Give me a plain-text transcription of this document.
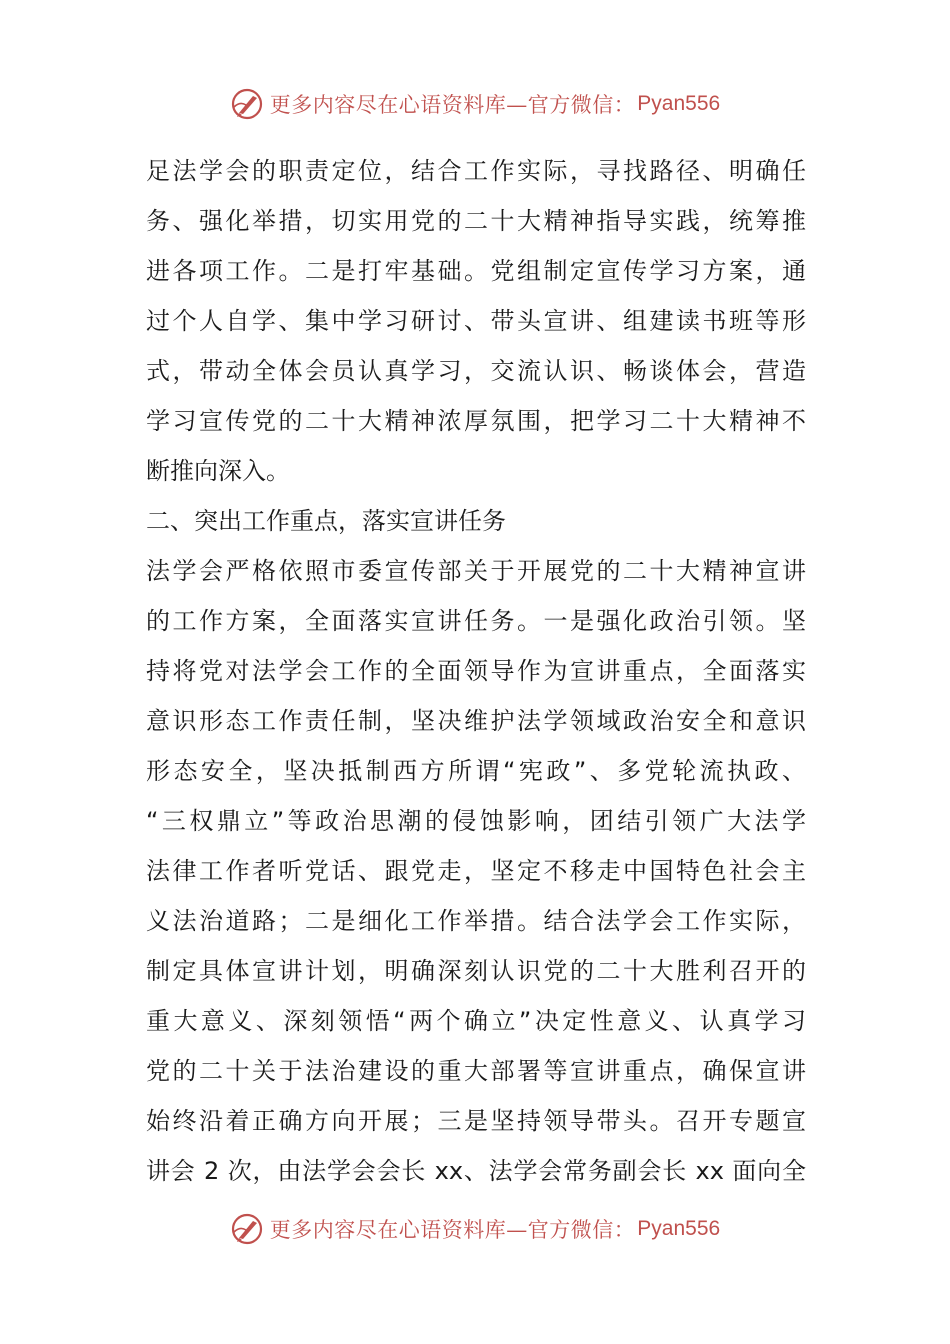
更多内容尽在心语资料库—官方微信： Pyan556
足法学会的职责定位，结合工作实际，寻找路径、明确任
务、强化举措，切实用党的二十大精神指导实践，统筹推
进各项工作。二是打牢基础。党组制定宣传学习方案，通
过个人自学、集中学习研讨、带头宣讲、组建读书班等形
式，带动全体会员认真学习，交流认识、畅谈体会，营造
学习宣传党的二十大精神浓厚氛围，把学习二十大精神不
断推向深入。
二、突出工作重点，落实宣讲任务
法学会严格依照市委宣传部关于开展党的二十大精神宣讲
的工作方案，全面落实宣讲任务。一是强化政治引领。坚
持将党对法学会工作的全面领导作为宣讲重点，全面落实
意识形态工作责任制，坚决维护法学领域政治安全和意识
形态安全，坚决抵制西方所谓“宪政”、多党轮流执政、
“三权鼎立”等政治思潮的侵蚀影响，团结引领广大法学
法律工作者听党话、跟党走，坚定不移走中国特色社会主
义法治道路；二是细化工作举措。结合法学会工作实际，
制定具体宣讲计划，明确深刻认识党的二十大胜利召开的
重大意义、深刻领悟“两个确立”决定性意义、认真学习
党的二十关于法治建设的重大部署等宣讲重点，确保宣讲
始终沿着正确方向开展；三是坚持领导带头。召开专题宣
讲会 2 次，由法学会会长 xx、法学会常务副会长 xx 面向全
更多内容尽在心语资料库—官方微信： Pyan556
